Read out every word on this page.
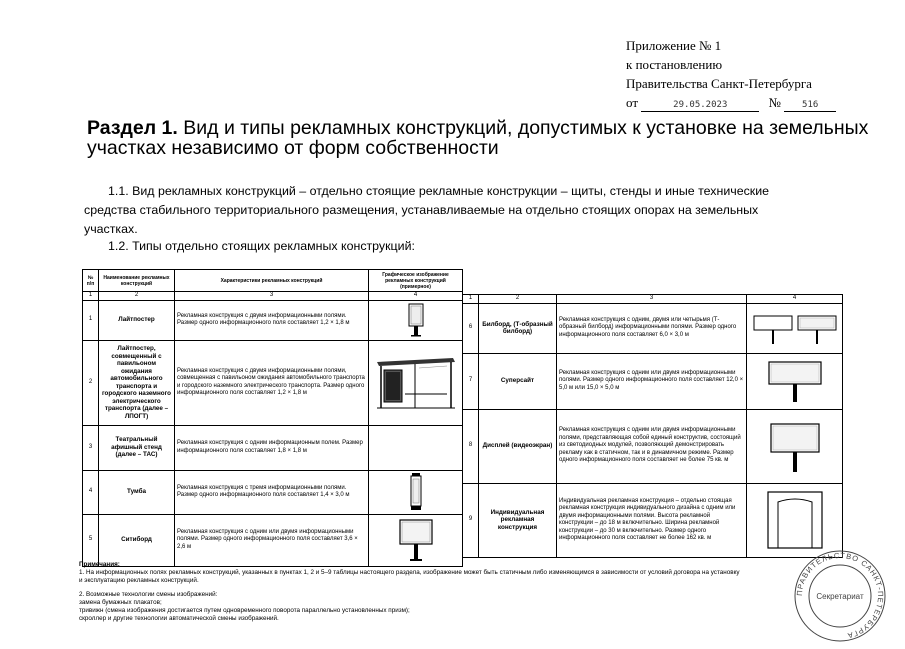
Приложение № 1
к постановлению
Правительства Санкт-Петербурга
от	29.05.2023	№ 516
Раздел 1. Вид и типы рекламных конструкций, допустимых к установке на земельных участках независимо от форм собственности
1.1. Вид рекламных конструкций – отдельно стоящие рекламные конструкции – щиты, стенды и иные технические средства стабильного территориального размещения, устанавливаемые на отдельно стоящих опорах на земельных участках.
1.2. Типы отдельно стоящих рекламных конструкций:
№ п/п	Наименование рекламных конструкций	Характеристики рекламных конструкций	Графическое изображение рекламных конструкций (примерное)
1	2	3	4
1	Лайтпостер	Рекламная конструкция с двумя информационными полями. Размер одного информационного поля составляет 1,2 × 1,8 м	

2	Лайтпостер, совмещенный с павильоном ожидания автомобильного транспорта и городского наземного электрического транспорта (далее – ЛПОГТ)	Рекламная конструкция с двумя информационными полями, совмещенная с павильоном ожидания автомобильного транспорта и городского наземного электрического транспорта. Размер одного информационного поля составляет 1,2 × 1,8 м	

3	Театральный афишный стенд (далее – ТАС)	Рекламная конструкция с одним информационным полем. Размер информационного поля составляет 1,8 × 1,8 м	
4	Тумба	Рекламная конструкция с тремя информационными полями. Размер одного информационного поля составляет 1,4 × 3,0 м	

5	Ситиборд	Рекламная конструкция с одним или двумя информационными полями. Размер одного информационного поля составляет 3,6 × 2,6 м	
1	2	3	4
6	Билборд, (Т-образный билборд)	Рекламная конструкция с одним, двумя или четырьмя (Т-образный билборд) информационными полями. Размер одного информационного поля составляет 6,0 × 3,0 м	

7	Суперсайт	Рекламная конструкция с одним или двумя информационными полями. Размер одного информационного поля составляет 12,0 × 5,0 м или 15,0 × 5,0 м	

8	Дисплей (видеоэкран)	Рекламная конструкция с одним или двумя информационными полями, представляющая собой единый конструктив, состоящий из светодиодных модулей, позволяющий демонстрировать рекламу как в статичном, так и в динамичном режиме. Размер одного информационного поля составляет не более 75 кв. м	

9	Индивидуальная рекламная конструкция	Индивидуальная рекламная конструкция – отдельно стоящая рекламная конструкция индивидуального дизайна с одним или двумя информационными полями. Высота рекламной конструкции – до 18 м включительно. Ширина рекламной конструкции – до 30 м включительно. Размер одного информационного поля составляет не более 162 кв. м	
Примечания:
1. На информационных полях рекламных конструкций, указанных в пунктах 1, 2 и 5–9 таблицы настоящего раздела, изображение может быть статичным либо изменяющимся в зависимости от условий договора на установку
и эксплуатацию рекламных конструкций.
2. Возможные технологии смены изображений:
замена бумажных плакатов;
тривижн (смена изображения достигается путем одновременного поворота параллельно установленных призм);
скроллер и другие технологии автоматической смены изображений.
ПРАВИТЕЛЬСТВО САНКТ-ПЕТЕРБУРГА
Секретариат
